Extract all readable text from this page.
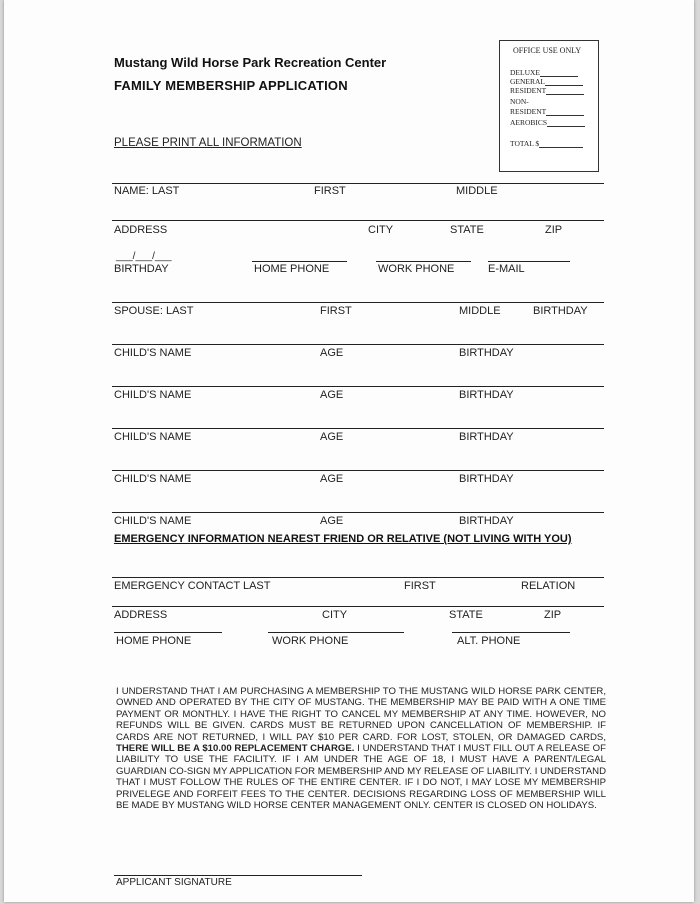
Mustang Wild Horse Park Recreation Center
FAMILY MEMBERSHIP APPLICATION
PLEASE PRINT ALL INFORMATION
OFFICE USE ONLY
DELUXE
GENERAL
RESIDENT
NON-
RESIDENT
AEROBICS
TOTAL $
NAME: LAST	FIRST	MIDDLE
ADDRESS	CITY	STATE	ZIP
___/___/___
BIRTHDAY	HOME PHONE	WORK PHONE	E-MAIL
SPOUSE: LAST	FIRST	MIDDLE	BIRTHDAY
CHILD'S NAME	AGE	BIRTHDAY
CHILD'S NAME	AGE	BIRTHDAY
CHILD'S NAME	AGE	BIRTHDAY
CHILD'S NAME	AGE	BIRTHDAY
CHILD'S NAME	AGE	BIRTHDAY
EMERGENCY INFORMATION NEAREST FRIEND OR RELATIVE (NOT LIVING WITH YOU)
EMERGENCY CONTACT LAST	FIRST	RELATION
ADDRESS	CITY	STATE	ZIP
HOME PHONE	WORK PHONE	ALT. PHONE
I UNDERSTAND THAT I AM PURCHASING A MEMBERSHIP TO THE MUSTANG WILD HORSE PARK CENTER, OWNED AND OPERATED BY THE CITY OF MUSTANG. THE MEMBERSHIP MAY BE PAID WITH A ONE TIME PAYMENT OR MONTHLY. I HAVE THE RIGHT TO CANCEL MY MEMBERSHIP AT ANY TIME. HOWEVER, NO REFUNDS WILL BE GIVEN. CARDS MUST BE RETURNED UPON CANCELLATION OF MEMBERSHIP. IF CARDS ARE NOT RETURNED, I WILL PAY $10 PER CARD. FOR LOST, STOLEN, OR DAMAGED CARDS, THERE WILL BE A $10.00 REPLACEMENT CHARGE. I UNDERSTAND THAT I MUST FILL OUT A RELEASE OF LIABILITY TO USE THE FACILITY. IF I AM UNDER THE AGE OF 18, I MUST HAVE A PARENT/LEGAL GUARDIAN CO-SIGN MY APPLICATION FOR MEMBERSHIP AND MY RELEASE OF LIABILITY. I UNDERSTAND THAT I MUST FOLLOW THE RULES OF THE ENTIRE CENTER. IF I DO NOT, I MAY LOSE MY MEMBERSHIP PRIVELEGE AND FORFEIT FEES TO THE CENTER. DECISIONS REGARDING LOSS OF MEMBERSHIP WILL BE MADE BY MUSTANG WILD HORSE CENTER MANAGEMENT ONLY. CENTER IS CLOSED ON HOLIDAYS.
APPLICANT SIGNATURE
